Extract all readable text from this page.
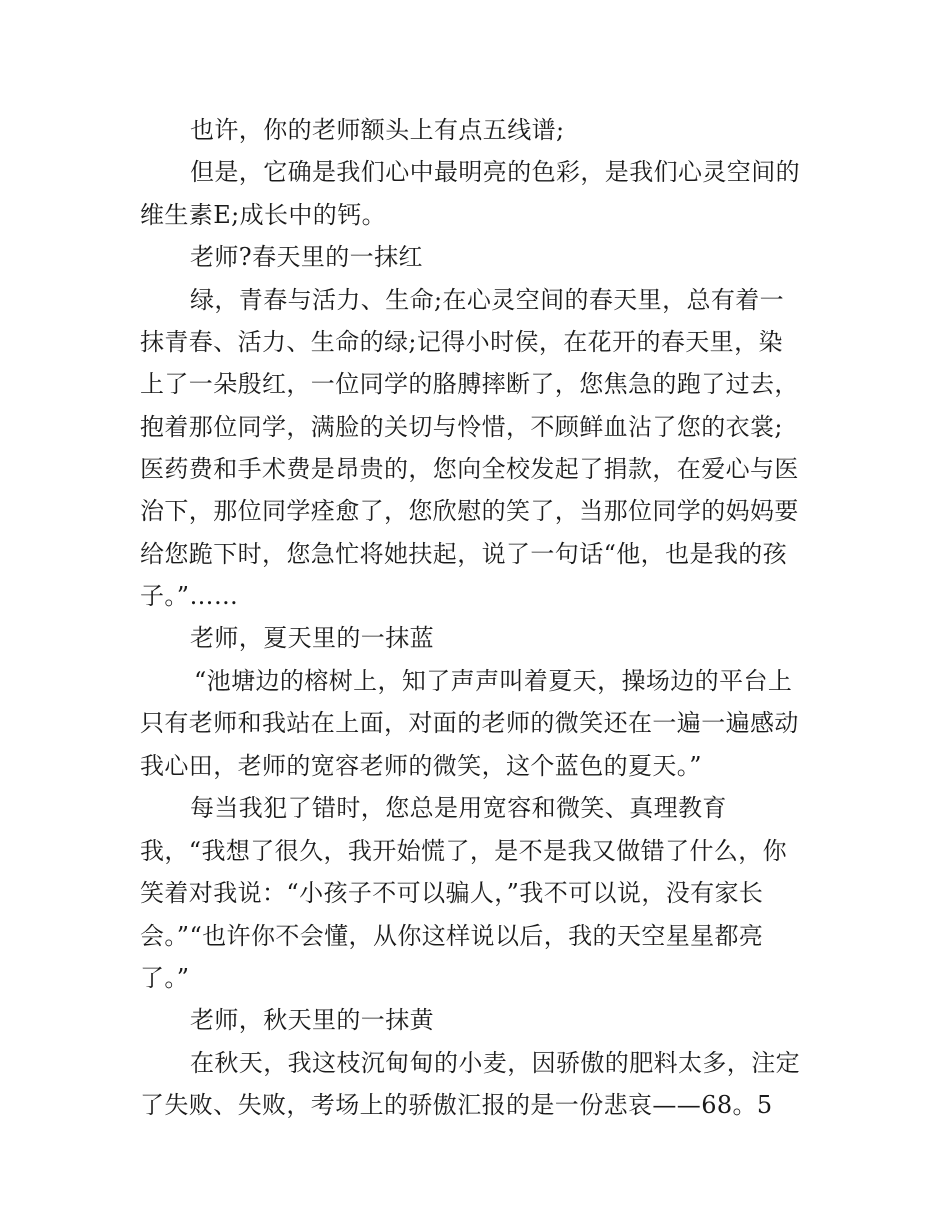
也许，你的老师额头上有点五线谱;
但是，它确是我们心中最明亮的色彩，是我们心灵空间的
维生素E;成长中的钙。
老师?春天里的一抹红
绿，青春与活力、生命;在心灵空间的春天里，总有着一
抹青春、活力、生命的绿;记得小时侯，在花开的春天里，染
上了一朵殷红，一位同学的胳膊摔断了，您焦急的跑了过去，
抱着那位同学，满脸的关切与怜惜，不顾鲜血沾了您的衣裳;
医药费和手术费是昂贵的，您向全校发起了捐款，在爱心与医
治下，那位同学痊愈了，您欣慰的笑了，当那位同学的妈妈要
给您跪下时，您急忙将她扶起，说了一句话“他，也是我的孩
子。”……
老师，夏天里的一抹蓝
“池塘边的榕树上，知了声声叫着夏天，操场边的平台上
只有老师和我站在上面，对面的老师的微笑还在一遍一遍感动
我心田，老师的宽容老师的微笑，这个蓝色的夏天。”
每当我犯了错时，您总是用宽容和微笑、真理教育
我，“我想了很久，我开始慌了，是不是我又做错了什么，你
笑着对我说：“小孩子不可以骗人，”我不可以说，没有家长
会。”“也许你不会懂，从你这样说以后，我的天空星星都亮
了。”
老师，秋天里的一抹黄
在秋天，我这枝沉甸甸的小麦，因骄傲的肥料太多，注定
了失败、失败，考场上的骄傲汇报的是一份悲哀——68。5
